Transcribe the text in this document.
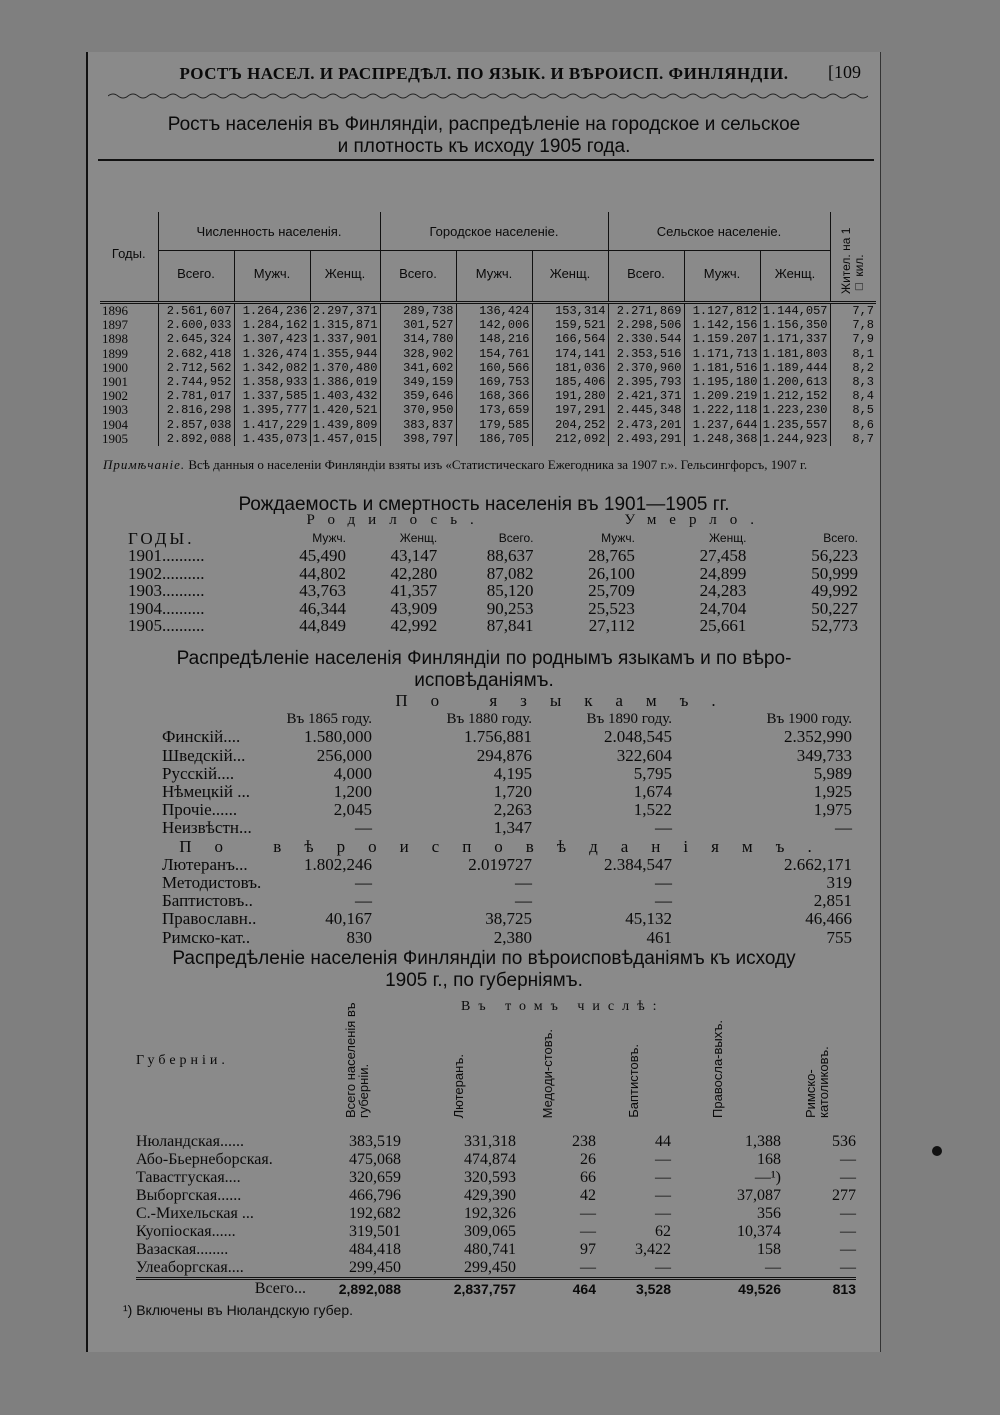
РОСТЪ НАСЕЛ. И РАСПРЕДѢЛ. ПО ЯЗЫК. И ВѢРОИСП. ФИНЛЯНДІИ.	[109
Ростъ населенія въ Финляндіи, распредѣленіе на городское и сельское
и плотность къ исходу 1905 года.
Годы.	Численность населенія.			Городское населеніе.			Сельское населеніе.			Жител. на 1 □ кил.
	Всего.	Мужч.	Женщ.	Всего.	Мужч.	Женщ.	Всего.	Мужч.	Женщ.	

1896	2.561,607	1.264,236	2.297,371	289,738	136,424	153,314	2.271,869	1.127,812	1.144,057	7,7
1897	2.600,033	1.284,162	1.315,871	301,527	142,006	159,521	2.298,506	1.142,156	1.156,350	7,8
1898	2.645,324	1.307,423	1.337,901	314,780	148,216	166,564	2.330.544	1.159.207	1.171,337	7,9
1899	2.682,418	1.326,474	1.355,944	328,902	154,761	174,141	2.353,516	1.171,713	1.181,803	8,1
1900	2.712,562	1.342,082	1.370,480	341,602	160,566	181,036	2.370,960	1.181,516	1.189,444	8,2
1901	2.744,952	1.358,933	1.386,019	349,159	169,753	185,406	2.395,793	1.195,180	1.200,613	8,3
1902	2.781,017	1.337,585	1.403,432	359,646	168,366	191,280	2.421,371	1.209.219	1.212,152	8,4
1903	2.816,298	1.395,777	1.420,521	370,950	173,659	197,291	2.445,348	1.222,118	1.223,230	8,5
1904	2.857,038	1.417,229	1.439,809	383,837	179,585	204,252	2.473,201	1.237,644	1.235,557	8,6
1905	2.892,088	1.435,073	1.457,015	398,797	186,705	212,092	2.493,291	1.248,368	1.244,923	8,7
Примѣчаніе. Всѣ данныя о населеніи Финляндіи взяты изъ «Статистическаго Ежегодника за 1907 г.». Гельсингфорсъ, 1907 г.
Рождаемость и смертность населенія въ 1901—1905 гг.
	Родилось.			Умерло.		
ГОДЫ.	Мужч.	Женщ.	Всего.	Мужч.	Женщ.	Всего.
1901..........	45,490	43,147	88,637	28,765	27,458	56,223
1902..........	44,802	42,280	87,082	26,100	24,899	50,999
1903..........	43,763	41,357	85,120	25,709	24,283	49,992
1904..........	46,344	43,909	90,253	25,523	24,704	50,227
1905..........	44,849	42,992	87,841	27,112	25,661	52,773
Распредѣленіе населенія Финляндіи по роднымъ языкамъ и по вѣро-
исповѣданіямъ.
	По языкамъ.			
	Въ 1865 году.	Въ 1880 году.	Въ 1890 году.	Въ 1900 году.
Финскій....	1.580,000	1.756,881	2.048,545	2.352,990
Шведскій...	256,000	294,876	322,604	349,733
Русскій....	4,000	4,195	5,795	5,989
Нѣмецкій ...	1,200	1,720	1,674	1,925
Прочіе......	2,045	2,263	1,522	1,975
Неизвѣстн...	—	1,347	—	—
По вѣроисповѣданіямъ.				
Лютеранъ...	1.802,246	2.019727	2.384,547	2.662,171
Методистовъ.	—	—	—	319
Баптистовъ..	—	—	—	2,851
Православн..	40,167	38,725	45,132	46,466
Римско-кат..	830	2,380	461	755
Распредѣленіе населенія Финляндіи по вѣроисповѣданіямъ къ исходу
1905 г., по губерніямъ.
Губерніи.	Всего населенія въ губерніи.	Въ томъ числѣ:
Лютеранъ.	Медоди-стовъ.	Баптистовъ.	Правосла-выхъ.	Римско-католиковъ.

Нюландская......	383,519	331,318	238	44	1,388	536
Або-Бьернеборская.	475,068	474,874	26	—	168	—
Тавастгуская....	320,659	320,593	66	—	—¹)	—
Выборгская......	466,796	429,390	42	—	37,087	277
С.-Михельская ...	192,682	192,326	—	—	356	—
Куопіоская......	319,501	309,065	—	62	10,374	—
Вазаская........	484,418	480,741	97	3,422	158	—
Улеаборгская....	299,450	299,450	—	—	—	—
Всего...	2,892,088	2,837,757	464	3,528	49,526	813
¹) Включены въ Нюландскую губер.
